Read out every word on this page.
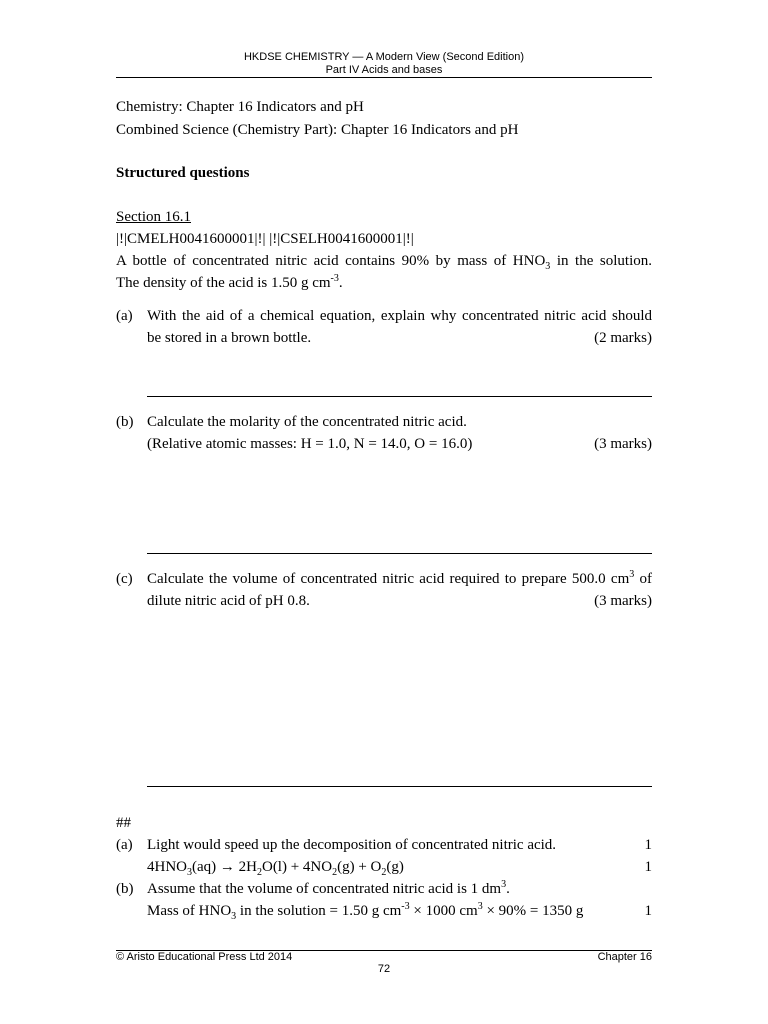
HKDSE CHEMISTRY — A Modern View (Second Edition)
Part IV Acids and bases
Chemistry: Chapter 16 Indicators and pH
Combined Science (Chemistry Part): Chapter 16 Indicators and pH
Structured questions
Section 16.1
|!|CMELH0041600001|!| |!|CSELH0041600001|!|
A bottle of concentrated nitric acid contains 90% by mass of $HNO_3$ in the solution.
The density of the acid is 1.50 g $cm^{-3}$.
(a) With the aid of a chemical equation, explain why concentrated nitric acid should
be stored in a brown bottle.	(2 marks)
(b) Calculate the molarity of the concentrated nitric acid.
(Relative atomic masses: H = 1.0, N = 14.0, O = 16.0)	(3 marks)
(c) Calculate the volume of concentrated nitric acid required to prepare 500.0 $cm^3$ of
dilute nitric acid of pH 0.8.	(3 marks)
##
(a) Light would speed up the decomposition of concentrated nitric acid.	1
$4HNO_3(aq) \to 2H_2O(l) + 4NO_2(g) + O_2(g)$	1
(b) Assume that the volume of concentrated nitric acid is 1 $dm^3$.
Mass of $HNO_3$ in the solution = 1.50 g $cm^{-3} \times 1000$ $cm^3 \times 90\% = 1350$ g	1
© Aristo Educational Press Ltd 2014	Chapter 16
72
